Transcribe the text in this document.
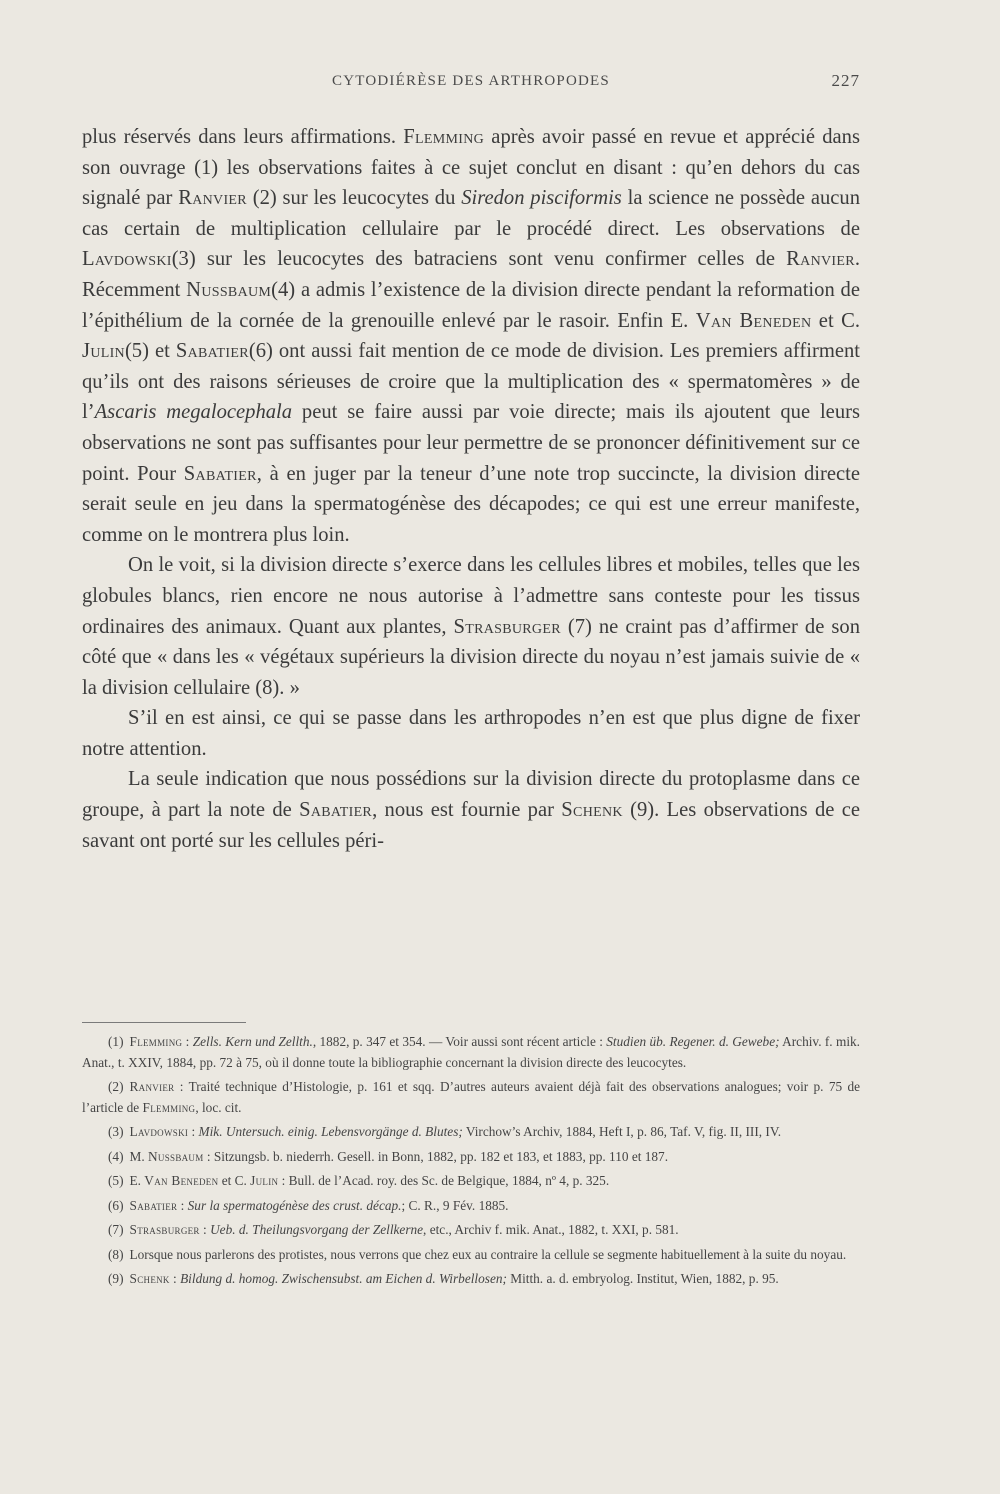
CYTODIÉRÈSE DES ARTHROPODES	227

plus réservés dans leurs affirmations. Flemming après avoir passé en revue et apprécié dans son ouvrage (1) les observations faites à ce sujet conclut en disant : qu’en dehors du cas signalé par Ranvier (2) sur les leucocytes du Siredon pisciformis la science ne possède aucun cas certain de multiplication cellulaire par le procédé direct. Les observations de Lavdowski(3) sur les leucocytes des batraciens sont venu confirmer celles de Ranvier. Récemment Nussbaum(4) a admis l’existence de la division directe pendant la reformation de l’épithélium de la cornée de la grenouille enlevé par le rasoir. Enfin E. Van Beneden et C. Julin(5) et Sabatier(6) ont aussi fait mention de ce mode de division. Les premiers affirment qu’ils ont des raisons sérieuses de croire que la multiplication des « spermatomères » de l’Ascaris megalocephala peut se faire aussi par voie directe; mais ils ajoutent que leurs observations ne sont pas suffisantes pour leur permettre de se prononcer définitivement sur ce point. Pour Sabatier, à en juger par la teneur d’une note trop succincte, la division directe serait seule en jeu dans la spermatogénèse des décapodes; ce qui est une erreur manifeste, comme on le montrera plus loin.

On le voit, si la division directe s’exerce dans les cellules libres et mobiles, telles que les globules blancs, rien encore ne nous autorise à l’admettre sans conteste pour les tissus ordinaires des animaux. Quant aux plantes, Strasburger (7) ne craint pas d’affirmer de son côté que « dans les « végétaux supérieurs la division directe du noyau n’est jamais suivie de « la division cellulaire (8). »

S’il en est ainsi, ce qui se passe dans les arthropodes n’en est que plus digne de fixer notre attention.

La seule indication que nous possédions sur la division directe du protoplasme dans ce groupe, à part la note de Sabatier, nous est fournie par Schenk (9). Les observations de ce savant ont porté sur les cellules péri-

(1) Flemming : Zells. Kern und Zellth., 1882, p. 347 et 354. — Voir aussi sont récent article : Studien üb. Regener. d. Gewebe; Archiv. f. mik. Anat., t. XXIV, 1884, pp. 72 à 75, où il donne toute la bibliographie concernant la division directe des leucocytes.

(2) Ranvier : Traité technique d’Histologie, p. 161 et sqq. D’autres auteurs avaient déjà fait des observations analogues; voir p. 75 de l’article de Flemming, loc. cit.

(3) Lavdowski : Mik. Untersuch. einig. Lebensvorgänge d. Blutes; Virchow’s Archiv, 1884, Heft I, p. 86, Taf. V, fig. II, III, IV.

(4) M. Nussbaum : Sitzungsb. b. niederrh. Gesell. in Bonn, 1882, pp. 182 et 183, et 1883, pp. 110 et 187.

(5) E. Van Beneden et C. Julin : Bull. de l’Acad. roy. des Sc. de Belgique, 1884, nº 4, p. 325.

(6) Sabatier : Sur la spermatogénèse des crust. décap.; C. R., 9 Fév. 1885.

(7) Strasburger : Ueb. d. Theilungsvorgang der Zellkerne, etc., Archiv f. mik. Anat., 1882, t. XXI, p. 581.

(8) Lorsque nous parlerons des protistes, nous verrons que chez eux au contraire la cellule se segmente habituellement à la suite du noyau.

(9) Schenk : Bildung d. homog. Zwischensubst. am Eichen d. Wirbellosen; Mitth. a. d. embryolog. Institut, Wien, 1882, p. 95.
